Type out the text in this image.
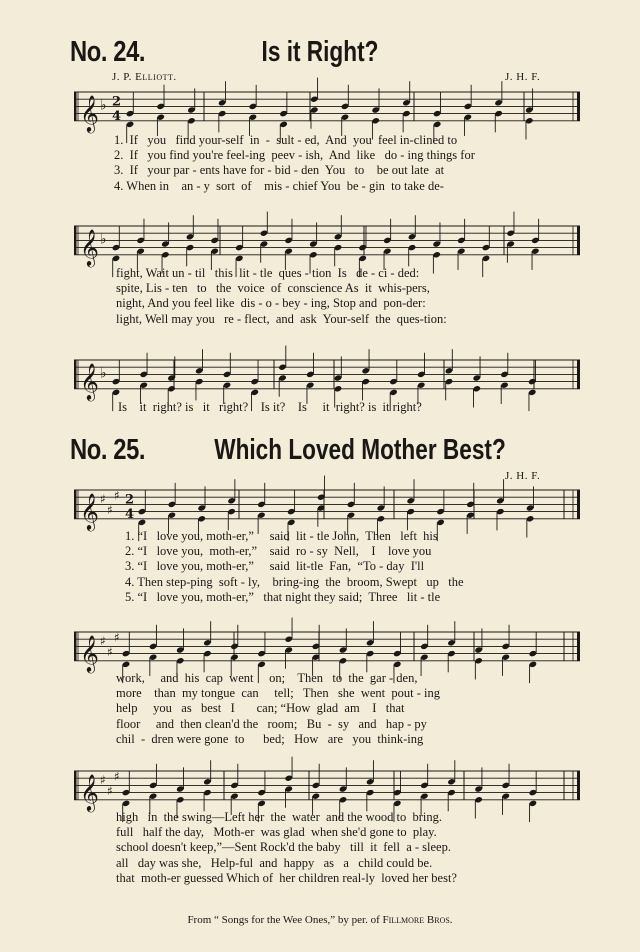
No. 24.	Is it Right?
J. P. Elliott.	J. H. F.
𝄞 ♭ 2
4
1.  If   you   find your-self  in  -  sult - ed,  And  you  feel in-clined to
2.  If   you find you're feel-ing  peev - ish,  And  like   do - ing things for
3.  If   your par - ents have for - bid - den  You   to    be out late  at
4. When in    an - y  sort  of    mis - chief You  be - gin  to take de-
𝄞 ♭
fight, Wait un - til   this  lit - tle  ques - tion  Is   de - ci - ded:
spite, Lis - ten   to   the  voice  of  conscience As  it  whis-pers,
night, And you feel like  dis - o - bey - ing, Stop and  pon-der:
light, Well may you   re - flect,  and  ask  Your-self  the  ques-tion:
𝄞 ♭
Is    it  right? is   it   right?    Is it?    Is     it  right? is  it right?
No. 25.	Which Loved Mother Best?
J. H. F.
𝄞 ♯
♯
♯ 2
4
1. “I   love you, moth-er,”     said  lit - tle John,  Then   left  his
2. “I   love you,  moth-er,”    said  ro - sy  Nell,    I    love you
3. “I   love you, moth-er,”     said  lit-tle  Fan,  “To - day  I'll
4. Then step-ping  soft - ly,    bring-ing  the  broom, Swept   up   the
5. “I   love you, moth-er,”   that night they said;  Three   lit - tle
𝄞 ♯
♯
♯
work,     and  his  cap  went     on;    Then   to  the  gar - den,
more    than  my tongue  can     tell;   Then   she  went  pout - ing
help     you   as   best   I       can; “How  glad  am    I   that
floor     and  then clean'd the   room;   Bu  -  sy   and   hap - py
chil  -  dren were gone  to      bed;   How   are   you  think-ing
𝄞 ♯
♯
♯
high   in  the swing—Left her  the  water  and the wood to  bring.
full   half the day,   Moth-er  was glad  when she'd gone to  play.
school doesn't keep,”—Sent Rock'd the baby   till  it  fell  a - sleep.
all   day was she,   Help-ful  and  happy   as   a   child could be.
that  moth-er guessed Which of  her children real-ly  loved her best?
From “ Songs for the Wee Ones,” by per. of Fillmore Bros.
